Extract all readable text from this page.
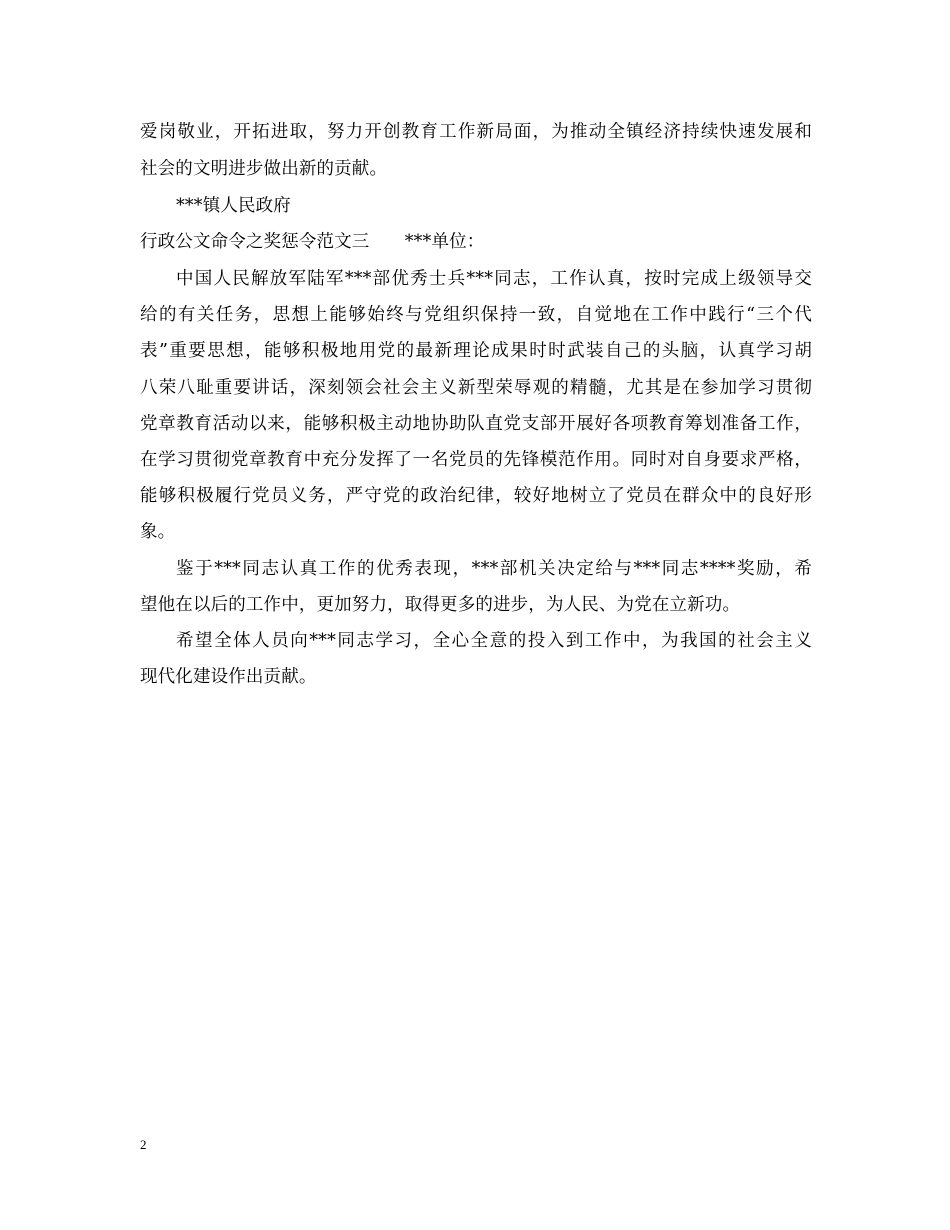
爱岗敬业，开拓进取，努力开创教育工作新局面，为推动全镇经济持续快速发展和
社会的文明进步做出新的贡献。
***镇人民政府
行政公文命令之奖惩令范文三　　***单位：
中国人民解放军陆军***部优秀士兵***同志，工作认真，按时完成上级领导交
给的有关任务，思想上能够始终与党组织保持一致，自觉地在工作中践行“三个代
表”重要思想，能够积极地用党的最新理论成果时时武装自己的头脑，认真学习胡
八荣八耻重要讲话，深刻领会社会主义新型荣辱观的精髓，尤其是在参加学习贯彻
党章教育活动以来，能够积极主动地协助队直党支部开展好各项教育筹划准备工作，
在学习贯彻党章教育中充分发挥了一名党员的先锋模范作用。同时对自身要求严格，
能够积极履行党员义务，严守党的政治纪律，较好地树立了党员在群众中的良好形
象。
鉴于***同志认真工作的优秀表现，***部机关决定给与***同志****奖励，希
望他在以后的工作中，更加努力，取得更多的进步，为人民、为党在立新功。
希望全体人员向***同志学习，全心全意的投入到工作中，为我国的社会主义
现代化建设作出贡献。
2
